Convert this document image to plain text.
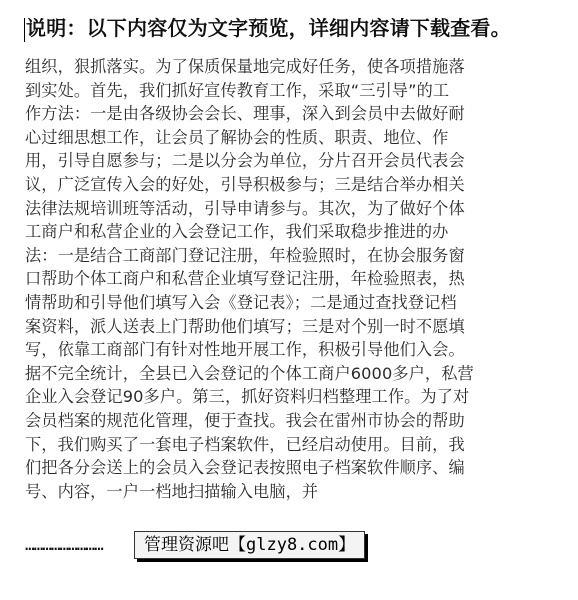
说明：以下内容仅为文字预览，详细内容请下载查看。
组织，狠抓落实。为了保质保量地完成好任务，使各项措施落
到实处。首先，我们抓好宣传教育工作，采取“三引导”的工
作方法：一是由各级协会会长、理事，深入到会员中去做好耐
心过细思想工作，让会员了解协会的性质、职责、地位、作
用，引导自愿参与；二是以分会为单位，分片召开会员代表会
议，广泛宣传入会的好处，引导积极参与；三是结合举办相关
法律法规培训班等活动，引导申请参与。其次，为了做好个体
工商户和私营企业的入会登记工作，我们采取稳步推进的办
法：一是结合工商部门登记注册，年检验照时，在协会服务窗
口帮助个体工商户和私营企业填写登记注册，年检验照表，热
情帮助和引导他们填写入会《登记表》；二是通过查找登记档
案资料，派人送表上门帮助他们填写；三是对个别一时不愿填
写，依靠工商部门有针对性地开展工作，积极引导他们入会。
据不完全统计，全县已入会登记的个体工商户6000多户，私营
企业入会登记90多户。第三，抓好资料归档整理工作。为了对
会员档案的规范化管理，便于查找。我会在雷州市协会的帮助
下，我们购买了一套电子档案软件，已经启动使用。目前，我
们把各分会送上的会员入会登记表按照电子档案软件顺序、编
号、内容，一户一档地扫描输入电脑，并
………………………	管理资源吧【glzy8.com】
